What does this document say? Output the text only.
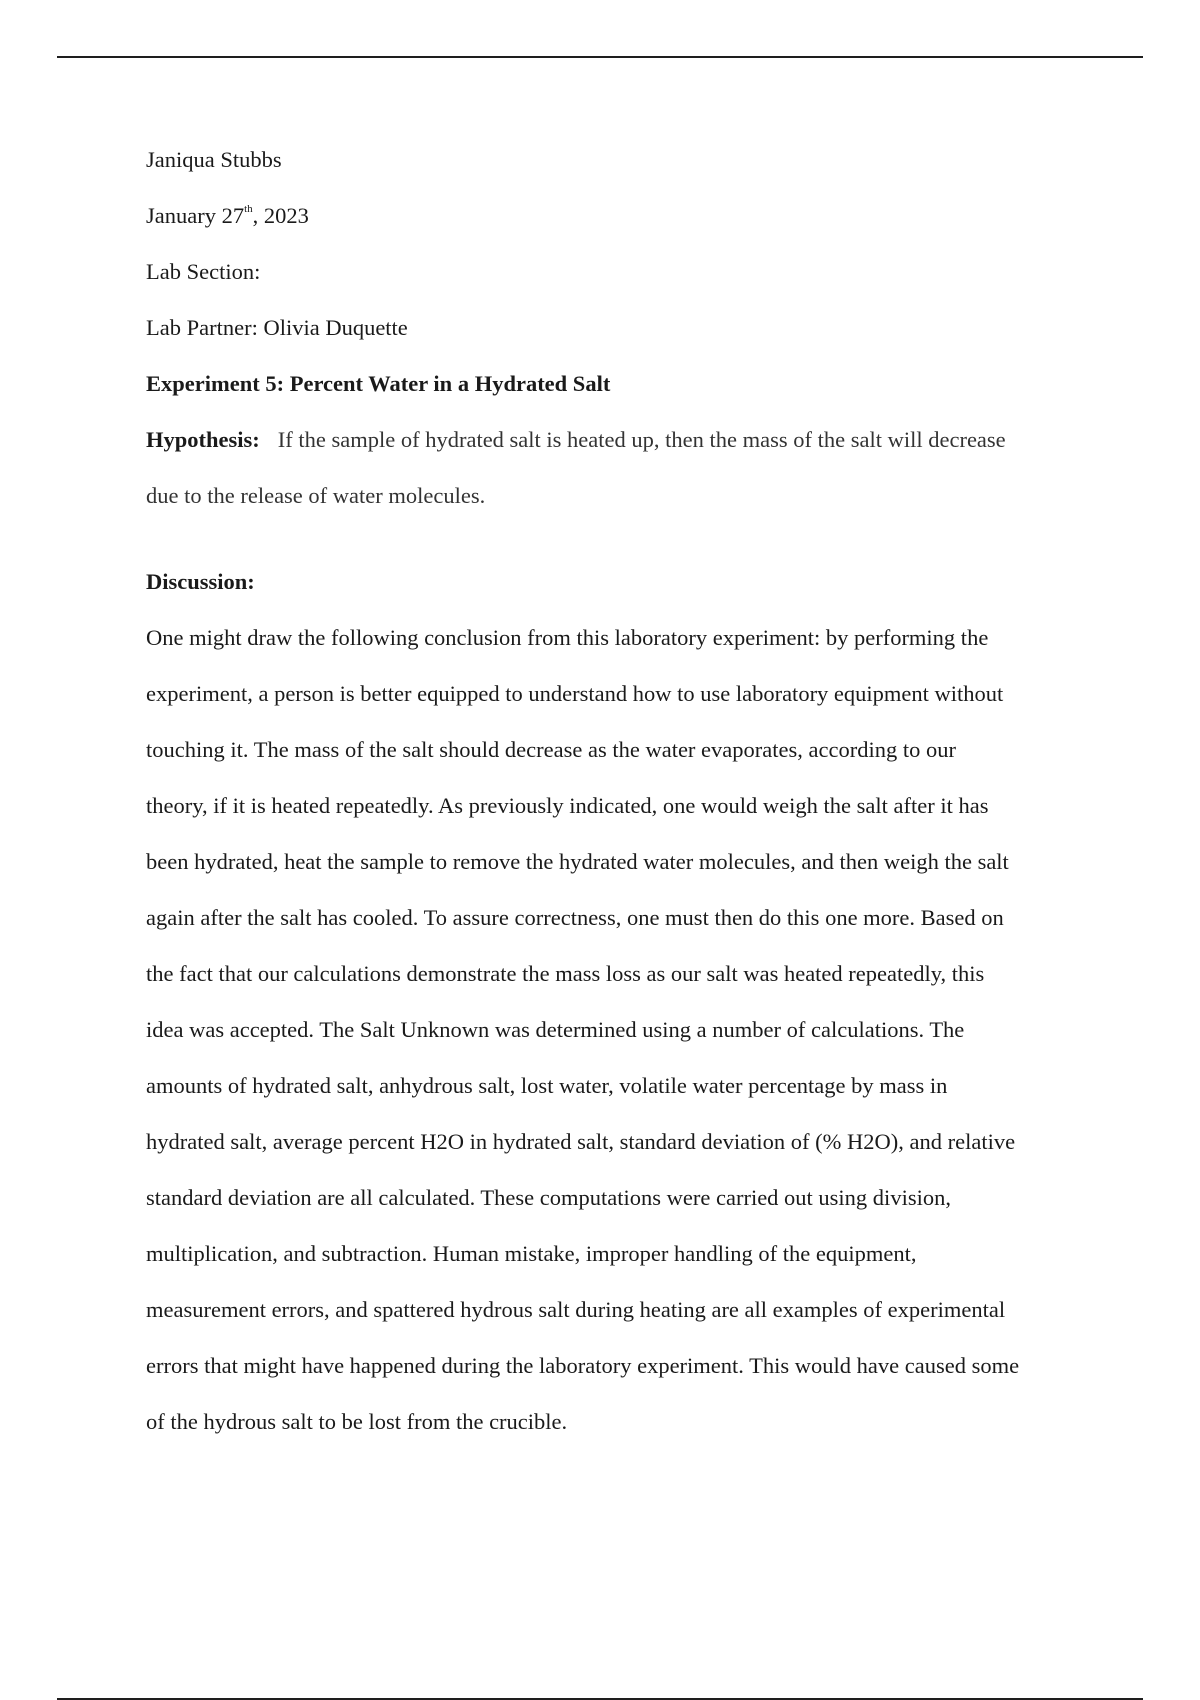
Janiqua Stubbs
January 27th, 2023
Lab Section:
Lab Partner: Olivia Duquette
Experiment 5: Percent Water in a Hydrated Salt
Hypothesis: If the sample of hydrated salt is heated up, then the mass of the salt will decrease
due to the release of water molecules.
Discussion:
One might draw the following conclusion from this laboratory experiment: by performing the
experiment, a person is better equipped to understand how to use laboratory equipment without
touching it. The mass of the salt should decrease as the water evaporates, according to our
theory, if it is heated repeatedly. As previously indicated, one would weigh the salt after it has
been hydrated, heat the sample to remove the hydrated water molecules, and then weigh the salt
again after the salt has cooled. To assure correctness, one must then do this one more. Based on
the fact that our calculations demonstrate the mass loss as our salt was heated repeatedly, this
idea was accepted. The Salt Unknown was determined using a number of calculations. The
amounts of hydrated salt, anhydrous salt, lost water, volatile water percentage by mass in
hydrated salt, average percent H2O in hydrated salt, standard deviation of (% H2O), and relative
standard deviation are all calculated. These computations were carried out using division,
multiplication, and subtraction. Human mistake, improper handling of the equipment,
measurement errors, and spattered hydrous salt during heating are all examples of experimental
errors that might have happened during the laboratory experiment. This would have caused some
of the hydrous salt to be lost from the crucible.
